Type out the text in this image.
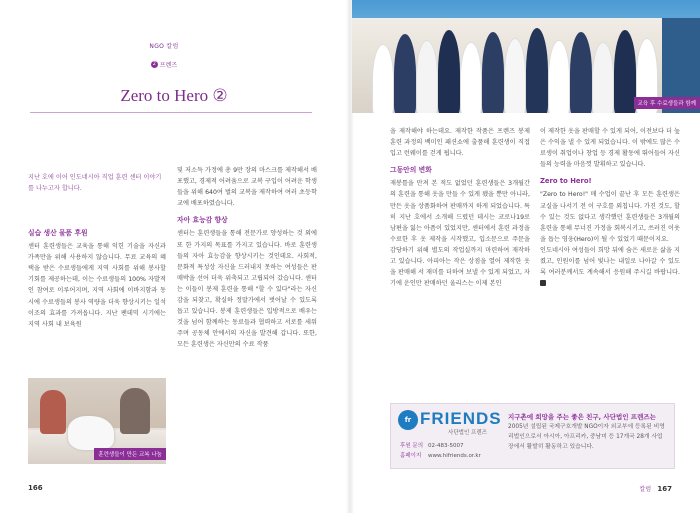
NGO 칼럼
2 프렌즈
Zero to Hero ②
지난 호에 이어 인도네시아 직업 훈련 센터 이야기를 나누고자 합니다.
실습 생산 물품 후원

센터 훈련생들은 교육을 통해 익힌 기술을 자신과 가족만을 위해 사용하지 않습니다. 무료 교육의 혜택을 받은 수료생들에게 지역 사회를 위해 봉사할 기회를 제공하는데, 이는 수료생들의 100% 자발적인 참여로 이루어지며, 지역 사회에 이바지함과 동시에 수료생들의 봉사 역량을 더욱 향상시키는 일석이조의 효과를 가져옵니다. 지난 팬데믹 시기에는 지역 사회 내 보육원

훈련생들이 만든 교복 나눔

및 저소득 가정에 총 9만 장의 마스크를 제작해서 배포했고, 경제적 어려움으로 교복 구입이 어려운 학생들을 위해 640여 벌의 교복을 제작하여 여러 초등학교에 배포하였습니다.

자아 효능감 향상

센터는 훈련생들을 통해 전문가로 양성하는 것 외에 또 한 가지의 목표를 가지고 있습니다. 바로 훈련생들의 자아 효능감을 향상시키는 것인데요. 사회적, 문화적 특성상 자신을 드러내지 못하는 여성들은 판매박을 선어 더욱 위축되고 고립되어 갔습니다. 센터는 이들이 봉제 훈련을 통해 "할 수 있다"라는 자신감을 되찾고, 확실하 정말가에서 벗어날 수 있도록 돕고 있습니다. 봉제 훈련생들은 입방적으로 배우는 것을 넘어 함께하는 동료들과 협력하고 서로를 세워 주며 공동체 안에서의 자신을 발견해 갑니다. 또한, 모든 훈련생은 자신만의 수료 작품

교육 후 수료생들과 함께

을 제작해야 하는데요. 제작한 작품은 프렌즈 봉제 훈련 과정의 백미인 패션쇼에 출품해 훈련생이 직접 입고 런웨이를 걷게 됩니다.

그동안의 변화

재봉틀을 만져 본 적도 없었던 훈련생들은 3개월간의 훈련을 통해 옷을 만들 수 있게 됐을 뿐만 아니라, 만든 옷을 상품화하여 판매까지 하게 되었습니다. 특히 지난 호에서 소개해 드렸던 데시는 코로나19로 남편을 잃는 아픔이 있었지만, 센터에서 훈련 과정을 수료한 후 옷 제작을 시작했고, 입소문으로 주문을 감당하기 위해 별도의 작업실까지 마련하여 재작하고 있습니다. 아피아는 작은 상점을 열어 제작한 옷을 판매해 서 재미를 더하여 보낼 수 있게 되었고, 자기에 운인만 판매하던 울리스는 이제 본인

이 제작한 옷을 판매할 수 있게 되어, 이전보다 더 높은 수익을 낼 수 있게 되었습니다. 이 밖에도 많은 수료생이 취업이나 창업 등 경제 활동에 뛰어들어 자신들의 능력을 마음껏 발휘하고 있습니다.

Zero to Hero!

"Zero to Hero!" 매 수업이 끝난 후 모든 훈련생은 교실을 나서기 전 이 구호를 외칩니다. 가진 것도, 할 수 있는 것도 없다고 생각했던 훈련생들은 3개월의 훈련을 통해 무너진 가정을 회복시키고, 쓰러진 이웃을 돕는 영웅(Hero)이 될 수 있었기 때문이지요.

인도네시아 여성들이 희망 뒤에 숨은 새로운 삶을 지켰고, 인원이를 넘어 빛나는 내일로 나아갈 수 있도록 여러분께서도 계속해서 응원해 주시길 바랍니다.

fr FRIENDS
사단법인 프렌즈
후원 문의 02-483-5007
홈페이지 www.hifriends.or.kr
지구촌에 희망을 주는 좋은 친구, 사단법인 프렌즈는
2005년 설립된 국제구호개발 NGO이자 외교부에 등록된 비영리법인으로서 아시아, 아프리카, 중남미 등 17개국 28개 사업장에서 활발히 활동하고 있습니다.
166	칼럼 167
